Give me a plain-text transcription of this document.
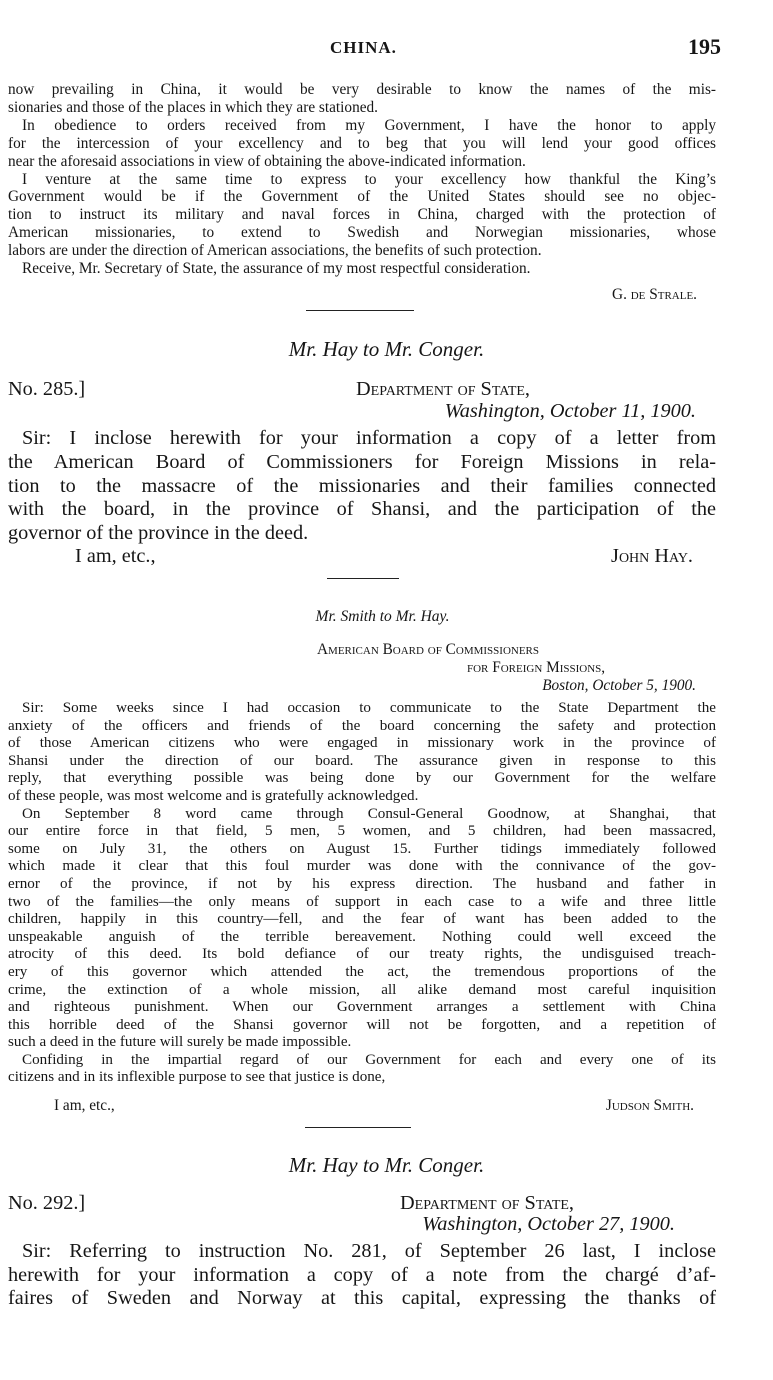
CHINA.	195
now prevailing in China, it would be very desirable to know the names of the mis-
sionaries and those of the places in which they are stationed.
In obedience to orders received from my Government, I have the honor to apply
for the intercession of your excellency and to beg that you will lend your good offices
near the aforesaid associations in view of obtaining the above-indicated information.
I venture at the same time to express to your excellency how thankful the King’s
Government would be if the Government of the United States should see no objec-
tion to instruct its military and naval forces in China, charged with the protection of
American missionaries, to extend to Swedish and Norwegian missionaries, whose
labors are under the direction of American associations, the benefits of such protection.
Receive, Mr. Secretary of State, the assurance of my most respectful consideration.
G. de Strale.
Mr. Hay to Mr. Conger.
No. 285.]	Department of State,
Washington, October 11, 1900.
Sir: I inclose herewith for your information a copy of a letter from
the American Board of Commissioners for Foreign Missions in rela-
tion to the massacre of the missionaries and their families connected
with the board, in the province of Shansi, and the participation of the
governor of the province in the deed.
I am, etc.,	John Hay.
Mr. Smith to Mr. Hay.
American Board of Commissioners
for Foreign Missions,
Boston, October 5, 1900.
Sir: Some weeks since I had occasion to communicate to the State Department the
anxiety of the officers and friends of the board concerning the safety and protection
of those American citizens who were engaged in missionary work in the province of
Shansi under the direction of our board. The assurance given in response to this
reply, that everything possible was being done by our Government for the welfare
of these people, was most welcome and is gratefully acknowledged.
On September 8 word came through Consul-General Goodnow, at Shanghai, that
our entire force in that field, 5 men, 5 women, and 5 children, had been massacred,
some on July 31, the others on August 15. Further tidings immediately followed
which made it clear that this foul murder was done with the connivance of the gov-
ernor of the province, if not by his express direction. The husband and father in
two of the families—the only means of support in each case to a wife and three little
children, happily in this country—fell, and the fear of want has been added to the
unspeakable anguish of the terrible bereavement. Nothing could well exceed the
atrocity of this deed. Its bold defiance of our treaty rights, the undisguised treach-
ery of this governor which attended the act, the tremendous proportions of the
crime, the extinction of a whole mission, all alike demand most careful inquisition
and righteous punishment. When our Government arranges a settlement with China
this horrible deed of the Shansi governor will not be forgotten, and a repetition of
such a deed in the future will surely be made impossible.
Confiding in the impartial regard of our Government for each and every one of its
citizens and in its inflexible purpose to see that justice is done,
I am, etc.,	Judson Smith.
Mr. Hay to Mr. Conger.
No. 292.]	Department of State,
Washington, October 27, 1900.
Sir: Referring to instruction No. 281, of September 26 last, I inclose
herewith for your information a copy of a note from the chargé d’af-
faires of Sweden and Norway at this capital, expressing the thanks of
